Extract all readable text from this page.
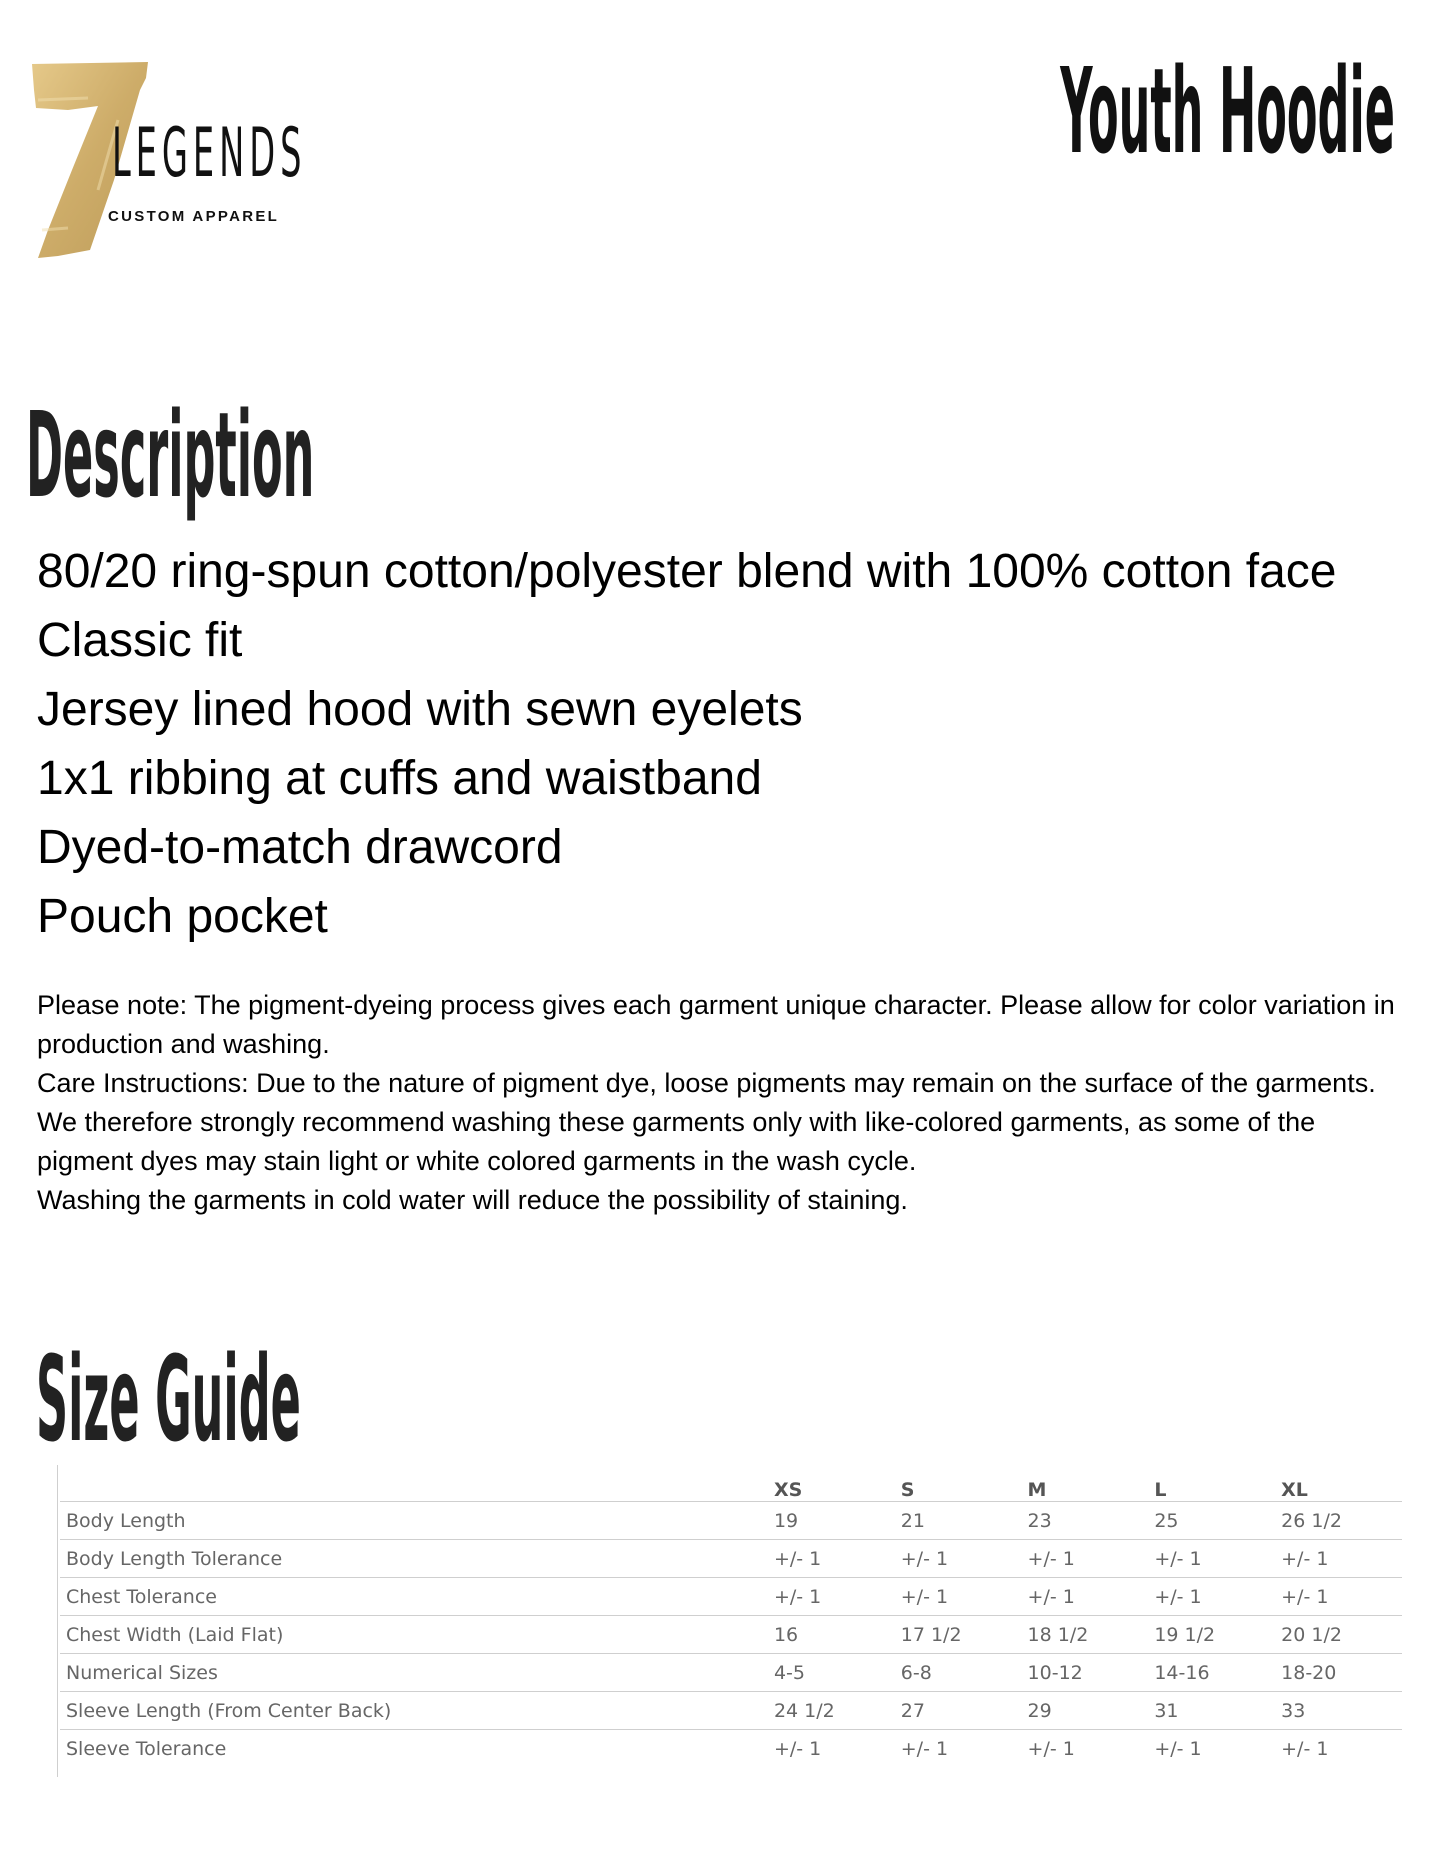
LEGENDS
CUSTOM APPAREL
Youth Hoodie
Description
80/20 ring-spun cotton/polyester blend with 100% cotton face
Classic fit
Jersey lined hood with sewn eyelets
1x1 ribbing at cuffs and waistband
Dyed-to-match drawcord
Pouch pocket

Please note: The pigment-dyeing process gives each garment unique character. Please allow for color variation in production and washing.

Care Instructions: Due to the nature of pigment dye, loose pigments may remain on the surface of the garments. We therefore strongly recommend washing these garments only with like-colored garments, as some of the pigment dyes may stain light or white colored garments in the wash cycle.

Washing the garments in cold water will reduce the possibility of staining.

Size Guide
	XS	S	M	L	XL
Body Length	19	21	23	25	26 1/2
Body Length Tolerance	+/- 1	+/- 1	+/- 1	+/- 1	+/- 1
Chest Tolerance	+/- 1	+/- 1	+/- 1	+/- 1	+/- 1
Chest Width (Laid Flat)	16	17 1/2	18 1/2	19 1/2	20 1/2
Numerical Sizes	4-5	6-8	10-12	14-16	18-20
Sleeve Length (From Center Back)	24 1/2	27	29	31	33
Sleeve Tolerance	+/- 1	+/- 1	+/- 1	+/- 1	+/- 1
